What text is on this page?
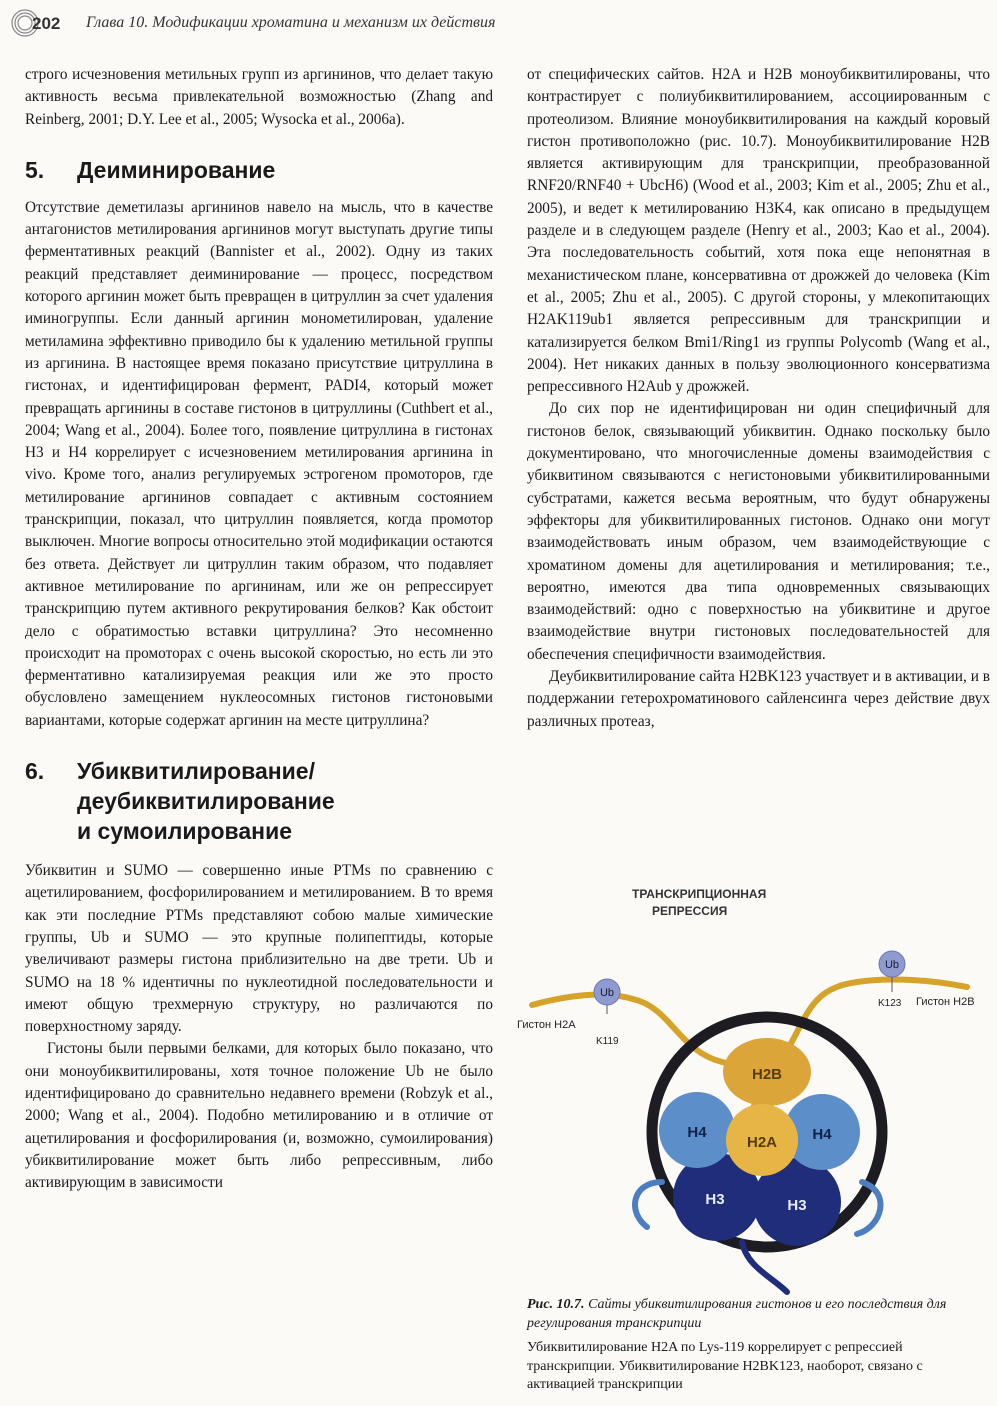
202 Глава 10. Модификации хроматина и механизм их действия

строго исчезновения метильных групп из аргининов, что делает такую активность весьма привлекательной возможностью (Zhang and Reinberg, 2001; D.Y. Lee et al., 2005; Wysocka et al., 2006a).

5.	Деиминирование

Отсутствие деметилазы аргининов навело на мысль, что в качестве антагонистов метилирования аргининов могут выступать другие типы ферментативных реакций (Bannister et al., 2002). Одну из таких реакций представляет деиминирование — процесс, посредством которого аргинин может быть превращен в цитруллин за счет удаления иминогруппы. Если данный аргинин монометилирован, удаление метиламина эффективно приводило бы к удалению метильной группы из аргинина. В настоящее время показано присутствие цитруллина в гистонах, и идентифицирован фермент, PADI4, который может превращать аргинины в составе гистонов в цитруллины (Cuthbert et al., 2004; Wang et al., 2004). Более того, появление цитруллина в гистонах H3 и H4 коррелирует с исчезновением метилирования аргинина in vivo. Кроме того, анализ регулируемых эстрогеном промоторов, где метилирование аргининов совпадает с активным состоянием транскрипции, показал, что цитруллин появляется, когда промотор выключен. Многие вопросы относительно этой модификации остаются без ответа. Действует ли цитруллин таким образом, что подавляет активное метилирование по аргининам, или же он репрессирует транскрипцию путем активного рекрутирования белков? Как обстоит дело с обратимостью вставки цитруллина? Это несомненно происходит на промоторах с очень высокой скоростью, но есть ли это ферментативно катализируемая реакция или же это просто обусловлено замещением нуклеосомных гистонов гистоновыми вариантами, которые содержат аргинин на месте цитруллина?

6.	Убиквитилирование/
деубиквитилирование
и сумоилирование

Убиквитин и SUMO — совершенно иные PTMs по сравнению с ацетилированием, фосфорилированием и метилированием. В то время как эти последние PTMs представляют собою малые химические группы, Ub и SUMO — это крупные полипептиды, которые увеличивают размеры гистона приблизительно на две трети. Ub и SUMO на 18 % идентичны по нуклеотидной последовательности и имеют общую трехмерную структуру, но различаются по поверхностному заряду.

Гистоны были первыми белками, для которых было показано, что они моноубиквитилированы, хотя точное положение Ub не было идентифицировано до сравнительно недавнего времени (Robzyk et al., 2000; Wang et al., 2004). Подобно метилированию и в отличие от ацетилирования и фосфорилирования (и, возможно, сумоилирования) убиквитилирование может быть либо репрессивным, либо активирующим в зависимости

от специфических сайтов. H2A и H2B моноубиквитилированы, что контрастирует с полиубиквитилированием, ассоциированным с протеолизом. Влияние моноубиквитилирования на каждый коровый гистон противоположно (рис. 10.7). Моноубиквитилирование H2B является активирующим для транскрипции, преобразованной RNF20/RNF40 + UbcH6) (Wood et al., 2003; Kim et al., 2005; Zhu et al., 2005), и ведет к метилированию H3K4, как описано в предыдущем разделе и в следующем разделе (Henry et al., 2003; Kao et al., 2004). Эта последовательность событий, хотя пока еще непонятная в механистическом плане, консервативна от дрожжей до человека (Kim et al., 2005; Zhu et al., 2005). С другой стороны, у млекопитающих H2AK119ub1 является репрессивным для транскрипции и катализируется белком Bmi1/Ring1 из группы Polycomb (Wang et al., 2004). Нет никаких данных в пользу эволюционного консерватизма репрессивного H2Aub у дрожжей.

До сих пор не идентифицирован ни один специфичный для гистонов белок, связывающий убиквитин. Однако поскольку было документировано, что многочисленные домены взаимодействия с убиквитином связываются с негистоновыми убиквитилированными субстратами, кажется весьма вероятным, что будут обнаружены эффекторы для убиквитилированных гистонов. Однако они могут взаимодействовать иным образом, чем взаимодействующие с хроматином домены для ацетилирования и метилирования; т.е., вероятно, имеются два типа одновременных связывающих взаимодействий: одно с поверхностью на убиквитине и другое взаимодействие внутри гистоновых последовательностей для обеспечения специфичности взаимодействия.

Деубиквитилирование сайта H2BK123 участвует и в активации, и в поддержании гетерохроматинового сайленсинга через действие двух различных протеаз,

ТРАНСКРИПЦИОННАЯ
РЕПРЕССИЯ
Ub
Гистон H2A
K119
Ub
K123 Гистон H2B
H3	H3
H4	H4
H2B
H2A
Рис. 10.7. Сайты убиквитилирования гистонов и его последствия для регулирования транскрипции
Убиквитилирование H2A по Lys-119 коррелирует с репрессией транскрипции. Убиквитилирование H2BK123, наоборот, связано с активацией транскрипции
